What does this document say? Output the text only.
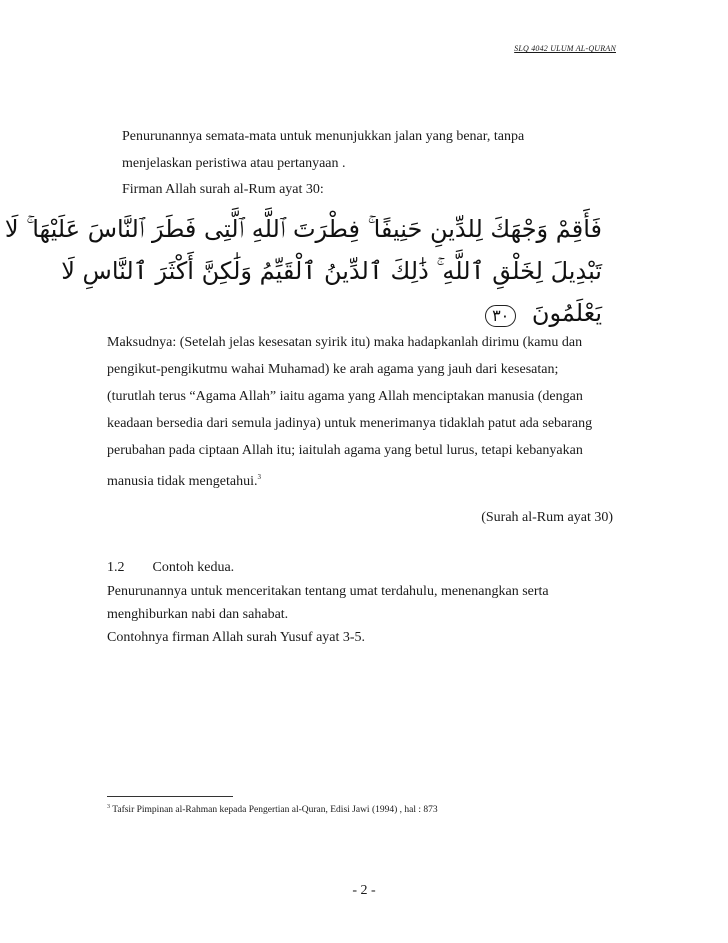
SLQ 4042 ULUM AL-QURAN
Penurunannya semata-mata untuk menunjukkan jalan yang benar, tanpa
menjelaskan peristiwa atau pertanyaan .
Firman Allah surah al-Rum ayat 30:
فَأَقِمْ وَجْهَكَ لِلدِّينِ حَنِيفًا ۚ فِطْرَتَ ٱللَّهِ ٱلَّتِى فَطَرَ ٱلنَّاسَ عَلَيْهَا ۚ لَا
تَبْدِيلَ لِخَلْقِ ٱللَّهِ ۚ ذَٰلِكَ ٱلدِّينُ ٱلْقَيِّمُ وَلَٰكِنَّ أَكْثَرَ ٱلنَّاسِ لَا
يَعْلَمُونَ ٣٠
Maksudnya: (Setelah jelas kesesatan syirik itu) maka hadapkanlah dirimu (kamu dan
pengikut-pengikutmu wahai Muhamad) ke arah agama yang jauh dari kesesatan;
(turutlah terus “Agama Allah” iaitu agama yang Allah menciptakan manusia (dengan
keadaan bersedia dari semula jadinya) untuk menerimanya tidaklah patut ada sebarang
perubahan pada ciptaan Allah itu; iaitulah agama yang betul lurus, tetapi kebanyakan
manusia tidak mengetahui.$^3$
(Surah al-Rum ayat 30)
1.2 Contoh kedua.
Penurunannya untuk menceritakan tentang umat terdahulu, menenangkan serta
menghiburkan nabi dan sahabat.
Contohnya firman Allah surah Yusuf ayat 3-5.
$^3$ Tafsir Pimpinan al-Rahman kepada Pengertian al-Quran, Edisi Jawi (1994) , hal : 873
- 2 -
